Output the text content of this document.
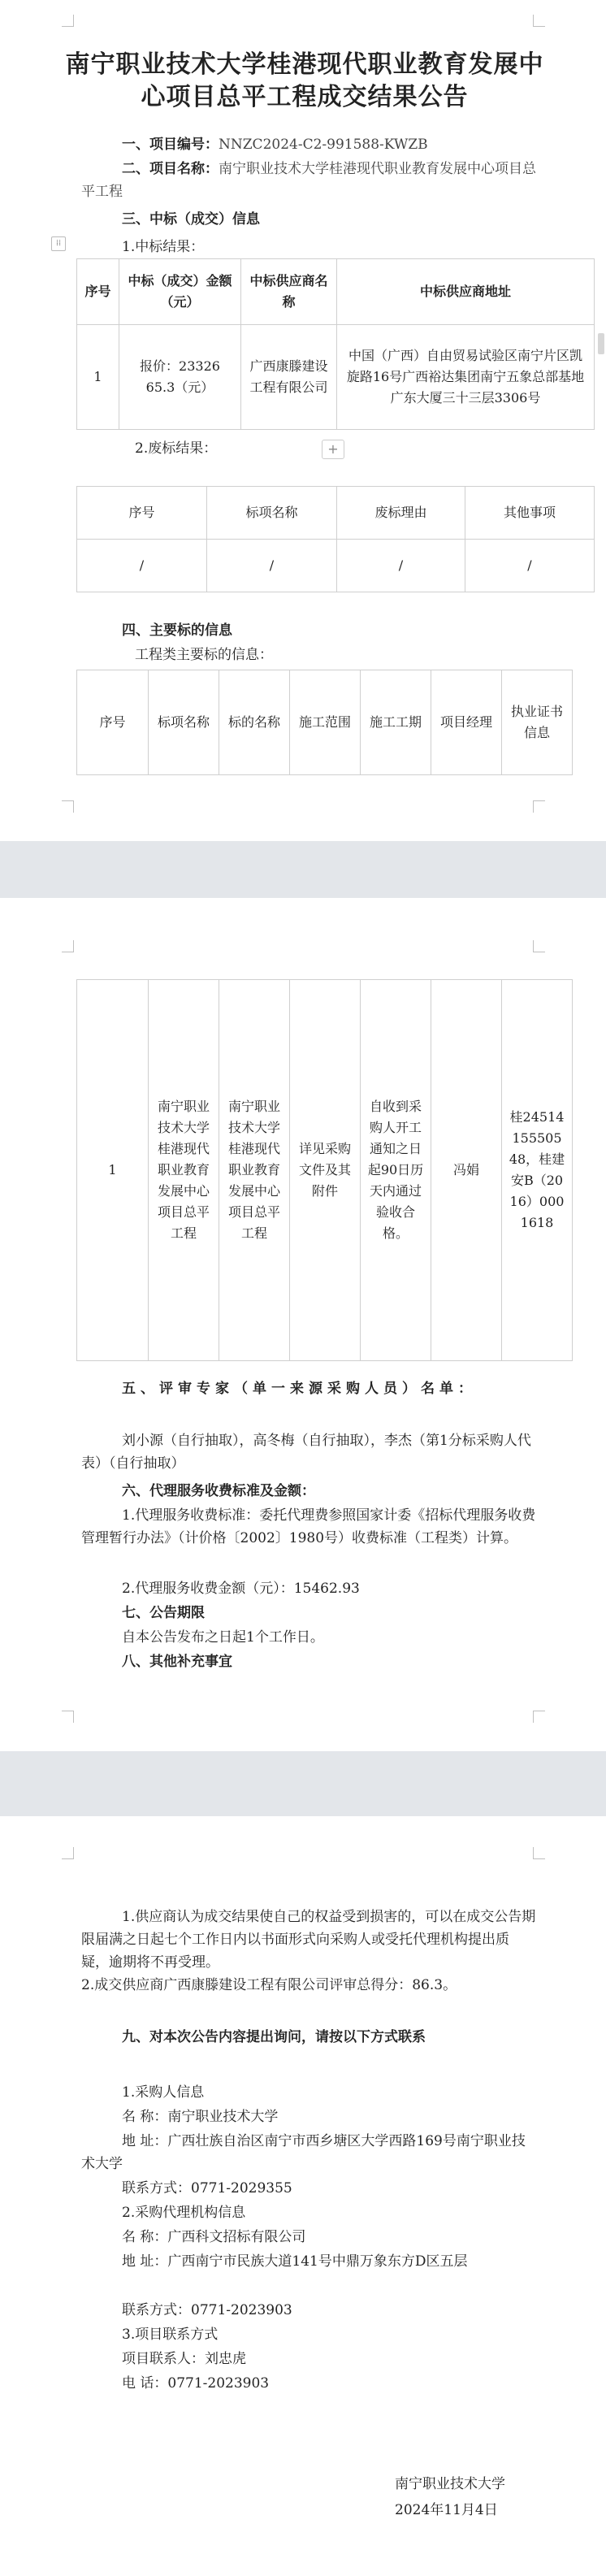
南宁职业技术大学桂港现代职业教育发展中心项目总平工程成交结果公告
一、项目编号：NNZC2024-C2-991588-KWZB
二、项目名称：南宁职业技术大学桂港现代职业教育发展中心项目总平工程
三、中标（成交）信息
⁞⁞	1.中标结果：
序号	中标（成交）金额（元）	中标供应商名称	中标供应商地址
1	报价：2332665.3（元）	广西康滕建设工程有限公司	中国（广西）自由贸易试验区南宁片区凯旋路16号广西裕达集团南宁五象总部基地广东大厦三十三层3306号
2.废标结果：	+
序号	标项名称	废标理由	其他事项
/	/	/	/
四、主要标的信息
工程类主要标的信息：
序号	标项名称	标的名称	施工范围	施工工期	项目经理	执业证书信息
1	南宁职业技术大学桂港现代职业教育发展中心项目总平工程	南宁职业技术大学桂港现代职业教育发展中心项目总平工程	详见采购文件及其附件	自收到采购人开工通知之日起90日历天内通过验收合格。	冯娟	桂2451415550548，桂建安B（2016）0001618
五、评审专家（单一来源采购人员）名单：
刘小源（自行抽取），高冬梅（自行抽取），李杰（第1分标采购人代表）（自行抽取）
六、代理服务收费标准及金额：
1.代理服务收费标准：委托代理费参照国家计委《招标代理服务收费管理暂行办法》（计价格〔2002〕1980号）收费标准（工程类）计算。
2.代理服务收费金额（元）：15462.93
七、公告期限
自本公告发布之日起1个工作日。
八、其他补充事宜
1.供应商认为成交结果使自己的权益受到损害的，可以在成交公告期限届满之日起七个工作日内以书面形式向采购人或受托代理机构提出质疑，逾期将不再受理。
2.成交供应商广西康滕建设工程有限公司评审总得分：86.3。
九、对本次公告内容提出询问，请按以下方式联系
1.采购人信息
名 称：南宁职业技术大学
地 址：广西壮族自治区南宁市西乡塘区大学西路169号南宁职业技术大学
联系方式：0771-2029355
2.采购代理机构信息
名 称：广西科文招标有限公司
地 址：广西南宁市民族大道141号中鼎万象东方D区五层
联系方式：0771-2023903
3.项目联系方式
项目联系人：刘忠虎
电 话：0771-2023903
南宁职业技术大学
2024年11月4日
